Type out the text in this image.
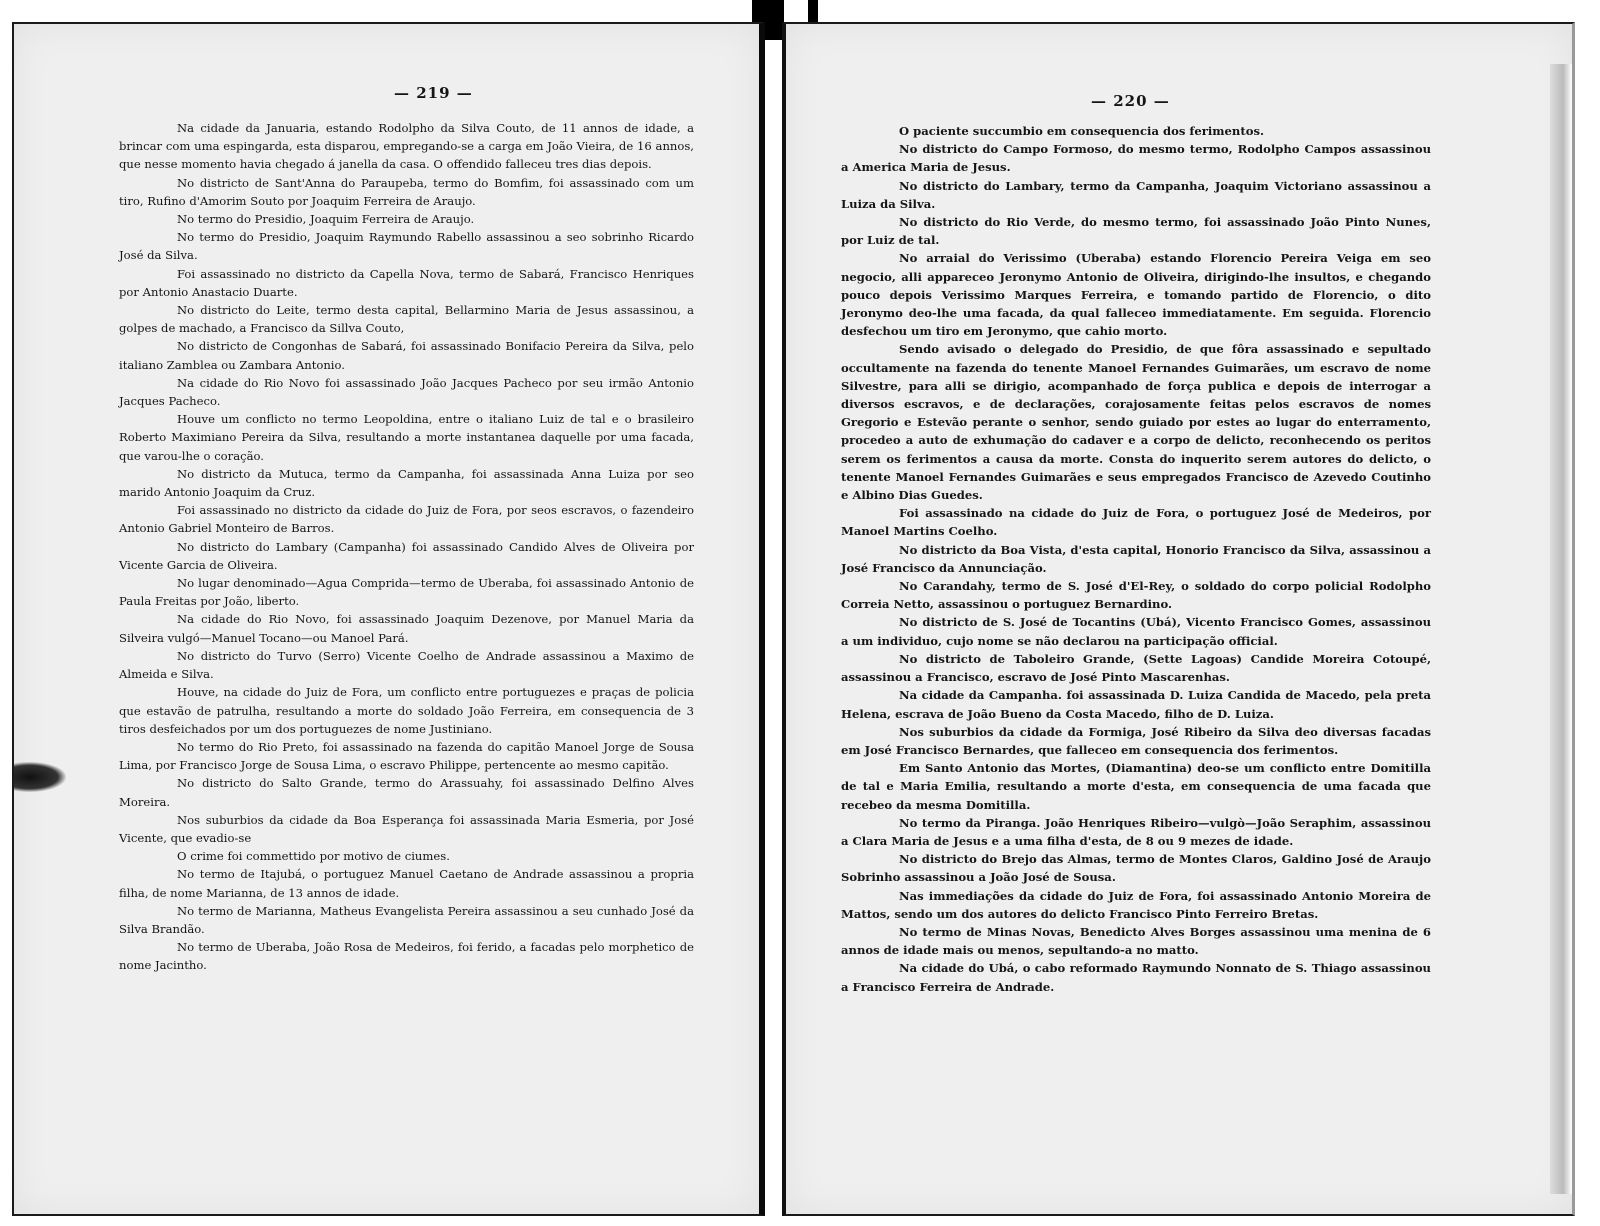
— 219 —

Na cidade da Januaria, estando Rodolpho da Silva Couto, de 11 annos de idade, a brincar com uma espingarda, esta disparou, empregando-se a carga em João Vieira, de 16 annos, que nesse momento havia chegado á janella da casa. O offendido falleceu tres dias depois.

No districto de Sant'Anna do Paraupeba, termo do Bomfim, foi assassinado com um tiro, Rufino d'Amorim Souto por Joaquim Ferreira de Araujo.

No termo do Presidio, Joaquim Ferreira de Araujo.

No termo do Presidio, Joaquim Raymundo Rabello assassinou a seo sobrinho Ricardo José da Silva.

Foi assassinado no districto da Capella Nova, termo de Sabará, Francisco Henriques por Antonio Anastacio Duarte.

No districto do Leite, termo desta capital, Bellarmino Maria de Jesus assassinou, a golpes de machado, a Francisco da Sillva Couto,

No districto de Congonhas de Sabará, foi assassinado Bonifacio Pereira da Silva, pelo italiano Zamblea ou Zambara Antonio.

Na cidade do Rio Novo foi assassinado João Jacques Pacheco por seu irmão Antonio Jacques Pacheco.

Houve um conflicto no termo Leopoldina, entre o italiano Luiz de tal e o brasileiro Roberto Maximiano Pereira da Silva, resultando a morte instantanea daquelle por uma facada, que varou-lhe o coração.

No districto da Mutuca, termo da Campanha, foi assassinada Anna Luiza por seo marido Antonio Joaquim da Cruz.

Foi assassinado no districto da cidade do Juiz de Fora, por seos escravos, o fazendeiro Antonio Gabriel Monteiro de Barros.

No districto do Lambary (Campanha) foi assassinado Candido Alves de Oliveira por Vicente Garcia de Oliveira.

No lugar denominado—Agua Comprida—termo de Uberaba, foi assassinado Antonio de Paula Freitas por João, liberto.

Na cidade do Rio Novo, foi assassinado Joaquim Dezenove, por Manuel Maria da Silveira vulgó—Manuel Tocano—ou Manoel Pará.

No districto do Turvo (Serro) Vicente Coelho de Andrade assassinou a Maximo de Almeida e Silva.

Houve, na cidade do Juiz de Fora, um conflicto entre portuguezes e praças de policia que estavão de patrulha, resultando a morte do soldado João Ferreira, em consequencia de 3 tiros desfeichados por um dos portuguezes de nome Justiniano.

No termo do Rio Preto, foi assassinado na fazenda do capitão Manoel Jorge de Sousa Lima, por Francisco Jorge de Sousa Lima, o escravo Philippe, pertencente ao mesmo capitão.

No districto do Salto Grande, termo do Arassuahy, foi assassinado Delfino Alves Moreira.

Nos suburbios da cidade da Boa Esperança foi assassinada Maria Esmeria, por José Vicente, que evadio-se

O crime foi commettido por motivo de ciumes.

No termo de Itajubá, o portuguez Manuel Caetano de Andrade assassinou a propria filha, de nome Marianna, de 13 annos de idade.

No termo de Marianna, Matheus Evangelista Pereira assassinou a seu cunhado José da Silva Brandão.

No termo de Uberaba, João Rosa de Medeiros, foi ferido, a facadas pelo morphetico de nome Jacintho.

— 220 —

O paciente succumbio em consequencia dos ferimentos.

No districto do Campo Formoso, do mesmo termo, Rodolpho Campos assassinou a America Maria de Jesus.

No districto do Lambary, termo da Campanha, Joaquim Victoriano assassinou a Luiza da Silva.

No districto do Rio Verde, do mesmo termo, foi assassinado João Pinto Nunes, por Luiz de tal.

No arraial do Verissimo (Uberaba) estando Florencio Pereira Veiga em seo negocio, alli appareceo Jeronymo Antonio de Oliveira, dirigindo-lhe insultos, e chegando pouco depois Verissimo Marques Ferreira, e tomando partido de Florencio, o dito Jeronymo deo-lhe uma facada, da qual falleceo immediatamente. Em seguida. Florencio desfechou um tiro em Jeronymo, que cahio morto.

Sendo avisado o delegado do Presidio, de que fôra assassinado e sepultado occultamente na fazenda do tenente Manoel Fernandes Guimarães, um escravo de nome Silvestre, para alli se dirigio, acompanhado de força publica e depois de interrogar a diversos escravos, e de declarações, corajosamente feitas pelos escravos de nomes Gregorio e Estevão perante o senhor, sendo guiado por estes ao lugar do enterramento, procedeo a auto de exhumação do cadaver e a corpo de delicto, reconhecendo os peritos serem os ferimentos a causa da morte. Consta do inquerito serem autores do delicto, o tenente Manoel Fernandes Guimarães e seus empregados Francisco de Azevedo Coutinho e Albino Dias Guedes.

Foi assassinado na cidade do Juiz de Fora, o portuguez José de Medeiros, por Manoel Martins Coelho.

No districto da Boa Vista, d'esta capital, Honorio Francisco da Silva, assassinou a José Francisco da Annunciação.

No Carandahy, termo de S. José d'El-Rey, o soldado do corpo policial Rodolpho Correia Netto, assassinou o portuguez Bernardino.

No districto de S. José de Tocantins (Ubá), Vicento Francisco Gomes, assassinou a um individuo, cujo nome se não declarou na participação official.

No districto de Taboleiro Grande, (Sette Lagoas) Candide Moreira Cotoupé, assassinou a Francisco, escravo de José Pinto Mascarenhas.

Na cidade da Campanha. foi assassinada D. Luiza Candida de Macedo, pela preta Helena, escrava de João Bueno da Costa Macedo, filho de D. Luiza.

Nos suburbios da cidade da Formiga, José Ribeiro da Silva deo diversas facadas em José Francisco Bernardes, que falleceo em consequencia dos ferimentos.

Em Santo Antonio das Mortes, (Diamantina) deo-se um conflicto entre Domitilla de tal e Maria Emilia, resultando a morte d'esta, em consequencia de uma facada que recebeo da mesma Domitilla.

No termo da Piranga. João Henriques Ribeiro—vulgò—João Seraphim, assassinou a Clara Maria de Jesus e a uma filha d'esta, de 8 ou 9 mezes de idade.

No districto do Brejo das Almas, termo de Montes Claros, Galdino José de Araujo Sobrinho assassinou a João José de Sousa.

Nas immediações da cidade do Juiz de Fora, foi assassinado Antonio Moreira de Mattos, sendo um dos autores do delicto Francisco Pinto Ferreiro Bretas.

No termo de Minas Novas, Benedicto Alves Borges assassinou uma menina de 6 annos de idade mais ou menos, sepultando-a no matto.

Na cidade do Ubá, o cabo reformado Raymundo Nonnato de S. Thiago assassinou a Francisco Ferreira de Andrade.
